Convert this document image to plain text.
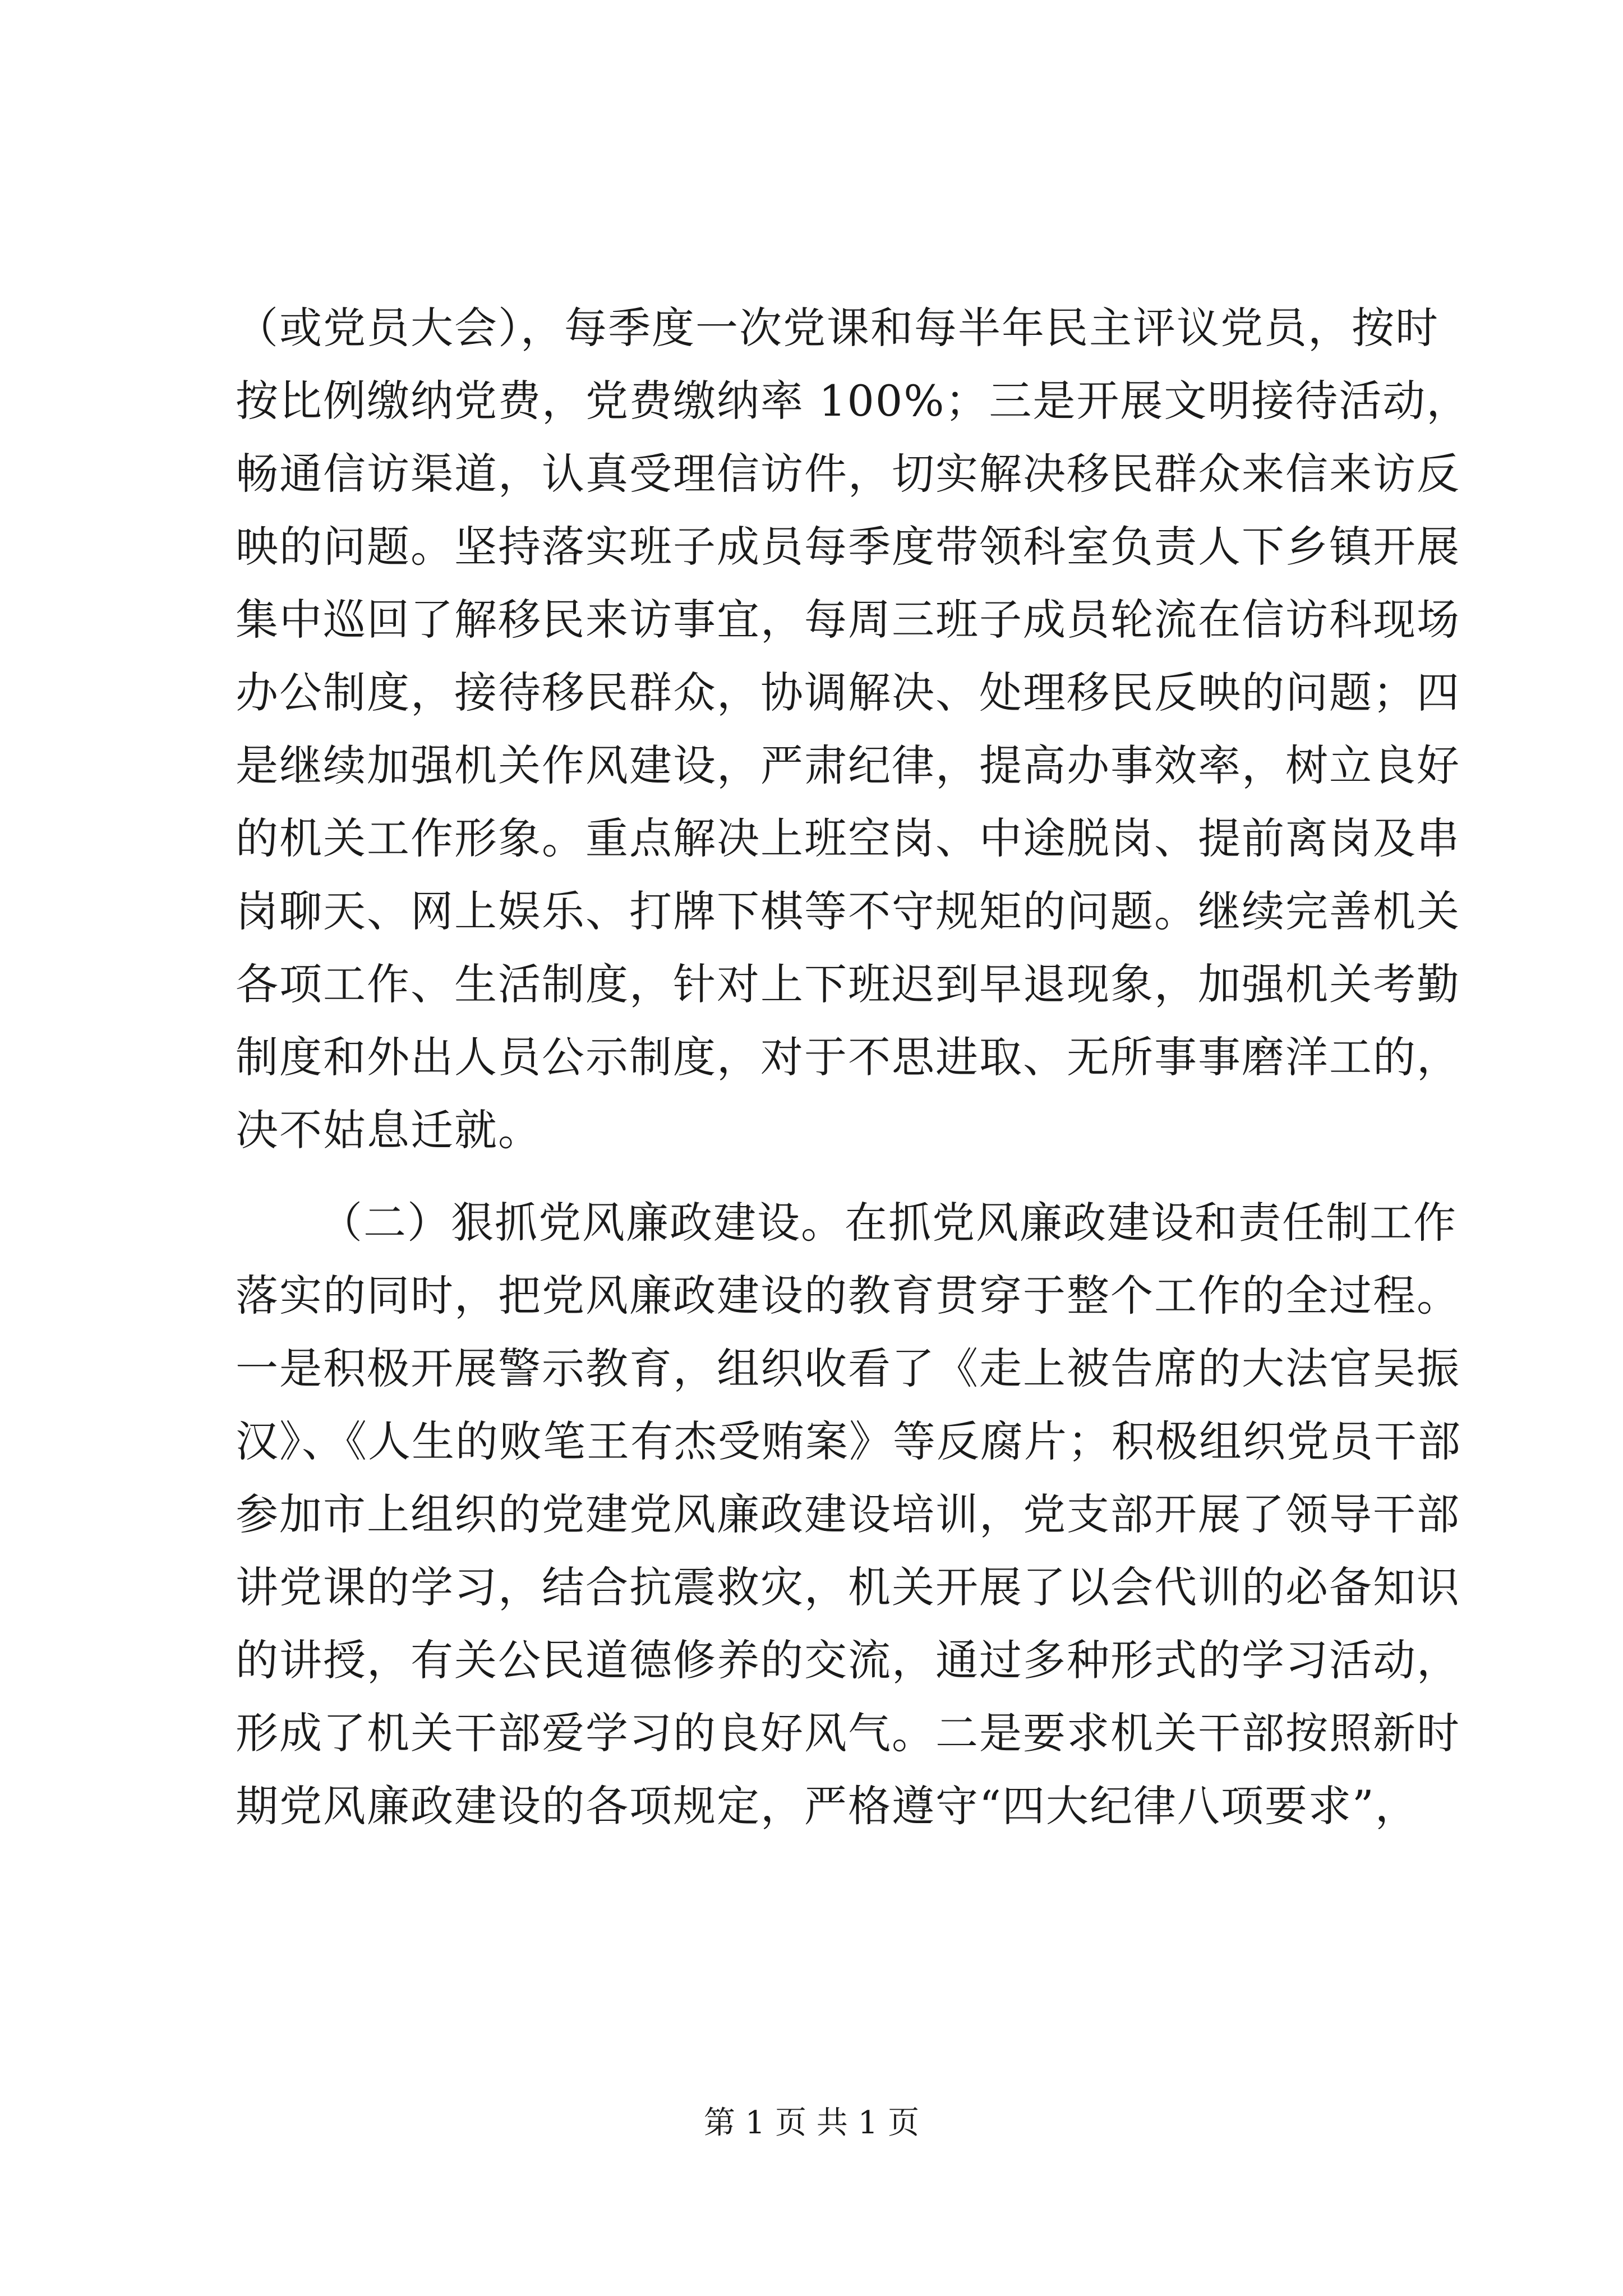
（或党员大会），每季度一次党课和每半年民主评议党员，按时
按比例缴纳党费，党费缴纳率 100%；三是开展文明接待活动，
畅通信访渠道，认真受理信访件，切实解决移民群众来信来访反
映的问题。坚持落实班子成员每季度带领科室负责人下乡镇开展
集中巡回了解移民来访事宜，每周三班子成员轮流在信访科现场
办公制度，接待移民群众，协调解决、处理移民反映的问题；四
是继续加强机关作风建设，严肃纪律，提高办事效率，树立良好
的机关工作形象。重点解决上班空岗、中途脱岗、提前离岗及串
岗聊天、网上娱乐、打牌下棋等不守规矩的问题。继续完善机关
各项工作、生活制度，针对上下班迟到早退现象，加强机关考勤
制度和外出人员公示制度，对于不思进取、无所事事磨洋工的，
决不姑息迁就。
（二）狠抓党风廉政建设。在抓党风廉政建设和责任制工作
落实的同时，把党风廉政建设的教育贯穿于整个工作的全过程。
一是积极开展警示教育，组织收看了《走上被告席的大法官吴振
汉》、《人生的败笔王有杰受贿案》等反腐片；积极组织党员干部
参加市上组织的党建党风廉政建设培训，党支部开展了领导干部
讲党课的学习，结合抗震救灾，机关开展了以会代训的必备知识
的讲授，有关公民道德修养的交流，通过多种形式的学习活动，
形成了机关干部爱学习的良好风气。二是要求机关干部按照新时
期党风廉政建设的各项规定，严格遵守“四大纪律八项要求”，
第 1 页 共 1 页
